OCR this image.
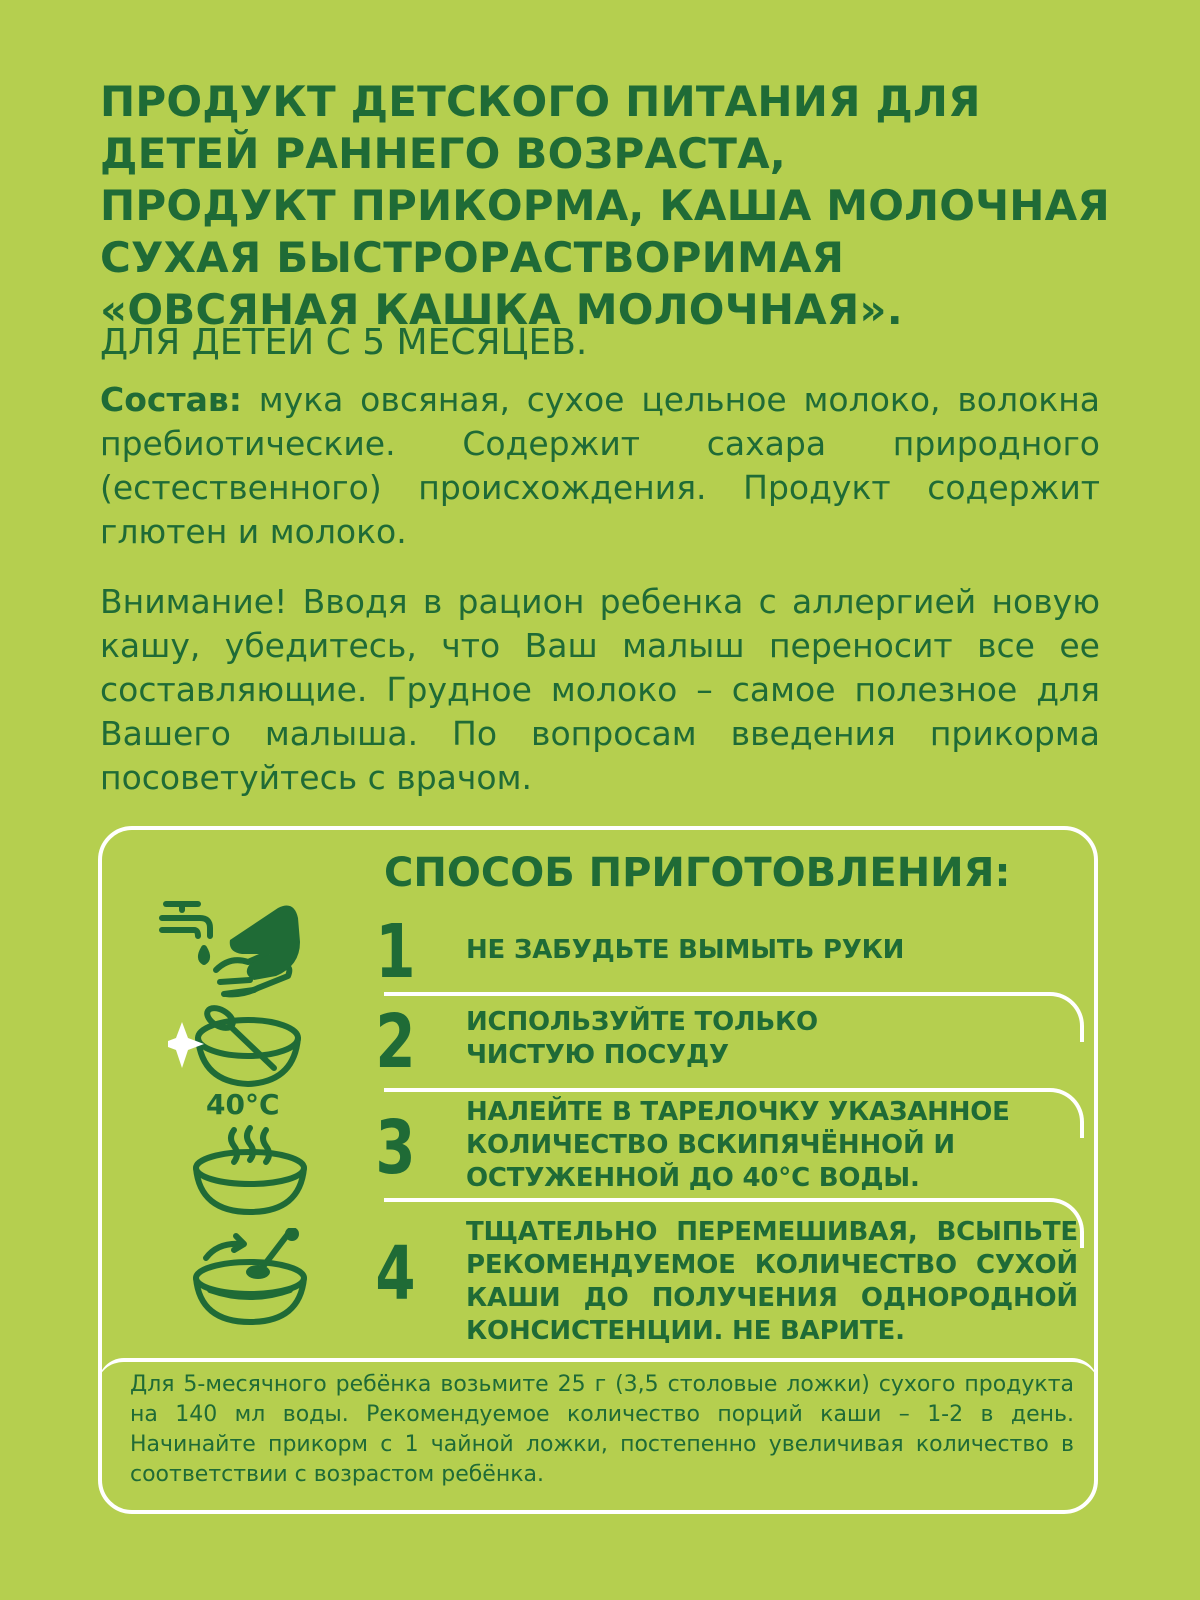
ПРОДУКТ ДЕТСКОГО ПИТАНИЯ ДЛЯ
ДЕТЕЙ РАННЕГО ВОЗРАСТА,
ПРОДУКТ ПРИКОРМА, КАША МОЛОЧНАЯ
СУХАЯ БЫСТРОРАСТВОРИМАЯ
«ОВСЯНАЯ КАШКА МОЛОЧНАЯ».

ДЛЯ ДЕТЕЙ С 5 МЕСЯЦЕВ.

Состав: мука овсяная, сухое цельное молоко, волокна пребиотические. Содержит сахара природного (естественного) происхождения. Продукт содержит глютен и молоко.

Внимание! Вводя в рацион ребенка с аллергией новую кашу, убедитесь, что Ваш малыш переносит все ее составляющие. Грудное молоко – самое полезное для Вашего малыша. По вопросам введения прикорма посоветуйтесь с врачом.

СПОСОБ ПРИГОТОВЛЕНИЯ:
1 НЕ ЗАБУДЬТЕ ВЫМЫТЬ РУКИ

2 ИСПОЛЬЗУЙТЕ ТОЛЬКО ЧИСТУЮ ПОСУДУ

3 НАЛЕЙТЕ В ТАРЕЛОЧКУ УКАЗАННОЕ КОЛИЧЕСТВО ВСКИПЯЧЁННОЙ И ОСТУЖЕННОЙ ДО 40°С ВОДЫ.

4 ТЩАТЕЛЬНО ПЕРЕМЕШИВАЯ, ВСЫПЬТЕ РЕКОМЕНДУЕМОЕ КОЛИЧЕСТВО СУХОЙ КАШИ ДО ПОЛУЧЕНИЯ ОДНОРОДНОЙ КОНСИСТЕНЦИИ. НЕ ВАРИТЕ.

40°C

Для 5-месячного ребёнка возьмите 25 г (3,5 столовые ложки) сухого продукта на 140 мл воды. Рекомендуемое количество порций каши – 1-2 в день. Начинайте прикорм с 1 чайной ложки, постепенно увеличивая количество в соответствии с возрастом ребёнка.
